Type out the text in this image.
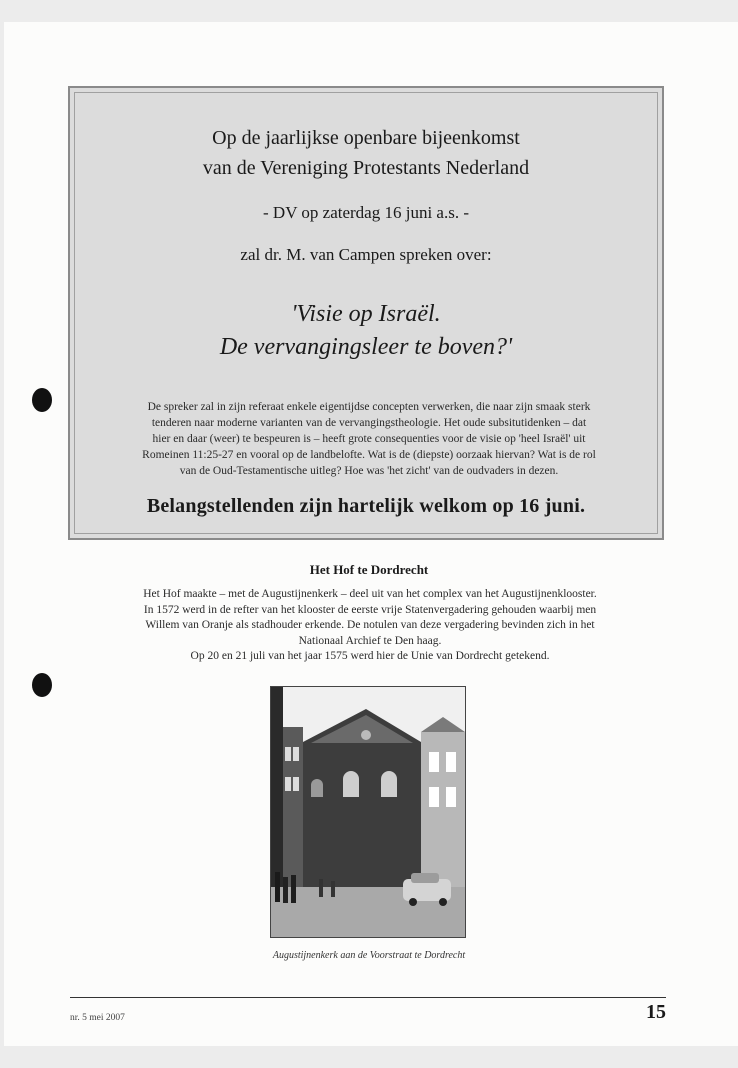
Op de jaarlijkse openbare bijeenkomst
van de Vereniging Protestants Nederland
- DV op zaterdag 16 juni a.s. -
zal dr. M. van Campen spreken over:
'Visie op Israël.
De vervangingsleer te boven?'
De spreker zal in zijn referaat enkele eigentijdse concepten verwerken, die naar zijn smaak sterk
tenderen naar moderne varianten van de vervangingstheologie. Het oude subsitutidenken – dat
hier en daar (weer) te bespeuren is – heeft grote consequenties voor de visie op 'heel Israël' uit
Romeinen 11:25-27 en vooral op de landbelofte. Wat is de (diepste) oorzaak hiervan? Wat is de rol
van de Oud-Testamentische uitleg? Hoe was 'het zicht' van de oudvaders in dezen.
Belangstellenden zijn hartelijk welkom op 16 juni.
Het Hof te Dordrecht
Het Hof maakte – met de Augustijnenkerk – deel uit van het complex van het Augustijnenklooster.
In 1572 werd in de refter van het klooster de eerste vrije Statenvergadering gehouden waarbij men
Willem van Oranje als stadhouder erkende. De notulen van deze vergadering bevinden zich in het
Nationaal Archief te Den haag.
Op 20 en 21 juli van het jaar 1575 werd hier de Unie van Dordrecht getekend.
Augustijnenkerk aan de Voorstraat te Dordrecht
nr. 5 mei 2007	15
